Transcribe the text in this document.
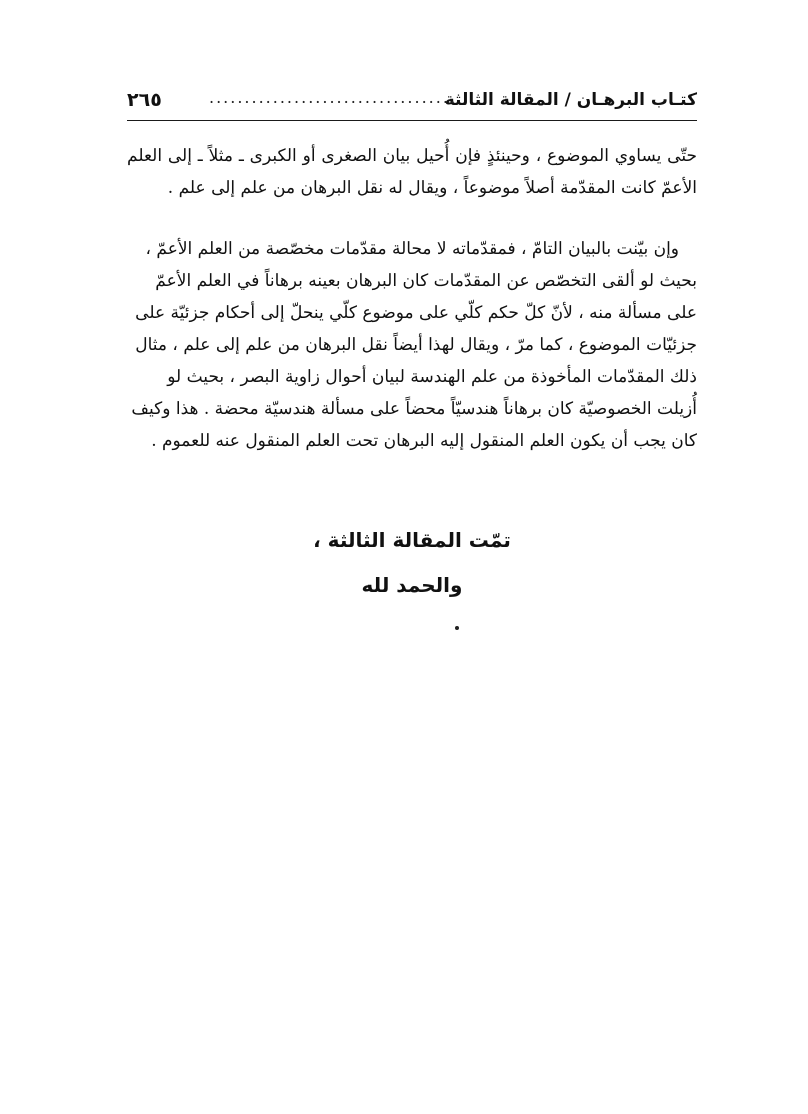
كتـاب البرهـان / المقالة الثالثة
...................................
٢٦٥

حتّى يساوي الموضوع ، وحينئذٍ فإن أُحيل بيان الصغرى أو الكبرى ـ مثلاً ـ إلى العلم الأعمّ كانت المقدّمة أصلاً موضوعاً ، ويقال له نقل البرهان من علم إلى علم .

وإن بيّنت بالبيان التامّ ، فمقدّماته لا محالة مقدّمات مخصّصة من العلم الأعمّ ،
بحيث لو ألقى التخصّص عن المقدّمات كان البرهان بعينه برهاناً في العلم الأعمّ
على مسألة منه ، لأنّ كلّ حكم كلّي على موضوع كلّي ينحلّ إلى أحكام جزئيّة على
جزئيّات الموضوع ، كما مرّ ، ويقال لهذا أيضاً نقل البرهان من علم إلى علم ، مثال
ذلك المقدّمات المأخوذة من علم الهندسة لبيان أحوال زاوية البصر ، بحيث لو
أُزيلت الخصوصيّة كان برهاناً هندسيّاً محضاً على مسألة هندسيّة محضة . هذا وكيف
كان يجب أن يكون العلم المنقول إليه البرهان تحت العلم المنقول عنه للعموم .
تمّت المقالة الثالثة ،
والحمد لله
